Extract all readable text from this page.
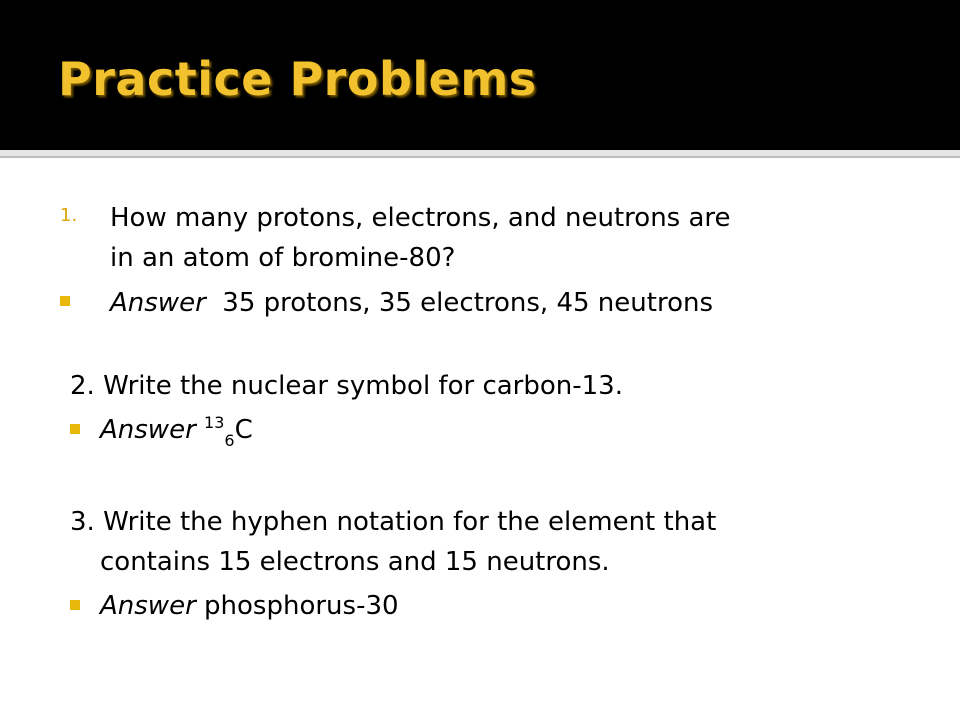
Practice Problems
1. How many protons, electrons, and neutrons are
in an atom of bromine-80?
Answer 35 protons, 35 electrons, 45 neutrons
2. Write the nuclear symbol for carbon-13.
Answer $^{13}_6$C
3. Write the hyphen notation for the element that
contains 15 electrons and 15 neutrons.
Answer phosphorus-30
